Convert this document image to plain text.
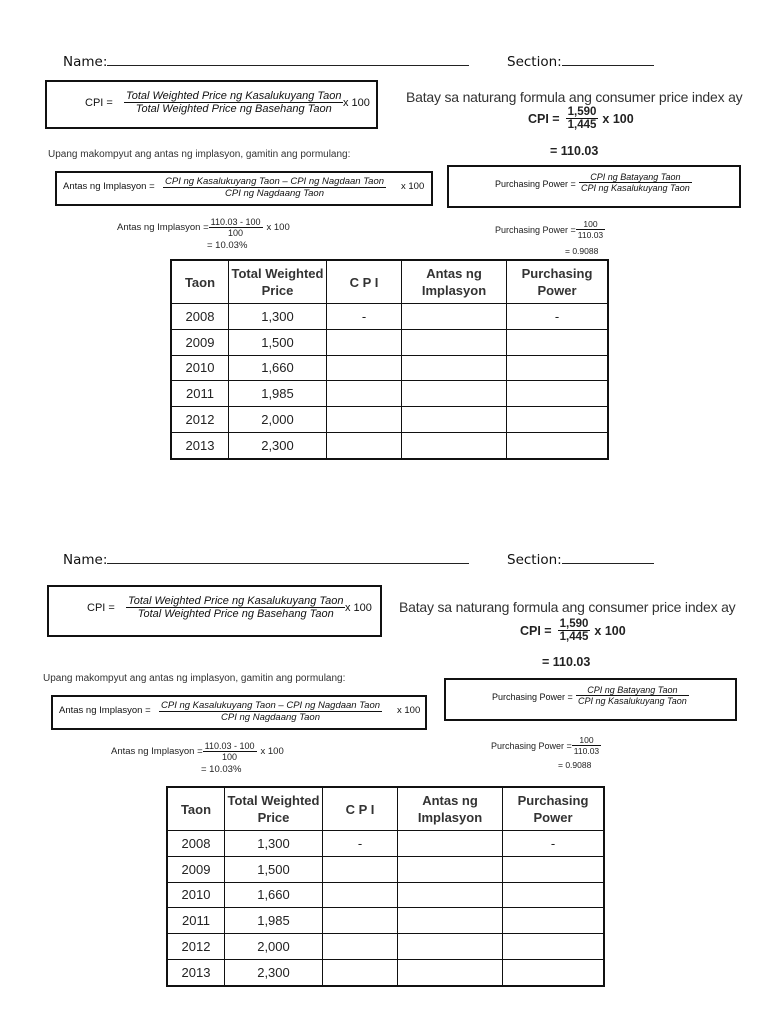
Name:	Section:
CPI =
Total Weighted Price ng Kasalukuyang Taon
Total Weighted Price ng Basehang Taon	x 100	Batay sa naturang formula ang consumer price index ay
CPI = $\frac{1,590}{1,445}$ x 100
= 110.03
Upang makompyut ang antas ng implasyon, gamitin ang pormulang:
Antas ng Implasyon = CPI ng Kasalukuyang Taon – CPI ng Nagdaan Taon
CPI ng Nagdaang Taon
x 100
Antas ng Implasyon = $\frac{110.03 - 100}{100}$ x 100
= 10.03%
Purchasing Power =
CPI ng Batayang Taon
CPI ng Kasalukuyang Taon
Purchasing Power = $\frac{100}{110.03}$
= 0.9088
Taon	Total Weighted Price	C P I	Antas ng Implasyon	Purchasing Power
2008	1,300	-		-
2009	1,500			
2010	1,660			
2011	1,985			
2012	2,000			
2013	2,300			
Name:	Section:
CPI =
Total Weighted Price ng Kasalukuyang Taon
Total Weighted Price ng Basehang Taon	x 100 Batay sa naturang formula ang consumer price index ay
CPI = $\frac{1,590}{1,445}$ x 100
= 110.03
Upang makompyut ang antas ng implasyon, gamitin ang pormulang:
Antas ng Implasyon = CPI ng Kasalukuyang Taon – CPI ng Nagdaan Taon
CPI ng Nagdaang Taon
x 100
Antas ng Implasyon = $\frac{110.03 - 100}{100}$ x 100
= 10.03%
Purchasing Power =
CPI ng Batayang Taon
CPI ng Kasalukuyang Taon
Purchasing Power = $\frac{100}{110.03}$
= 0.9088
Taon	Total Weighted Price	C P I	Antas ng Implasyon	Purchasing Power
2008	1,300	-		-
2009	1,500			
2010	1,660			
2011	1,985			
2012	2,000			
2013	2,300			
